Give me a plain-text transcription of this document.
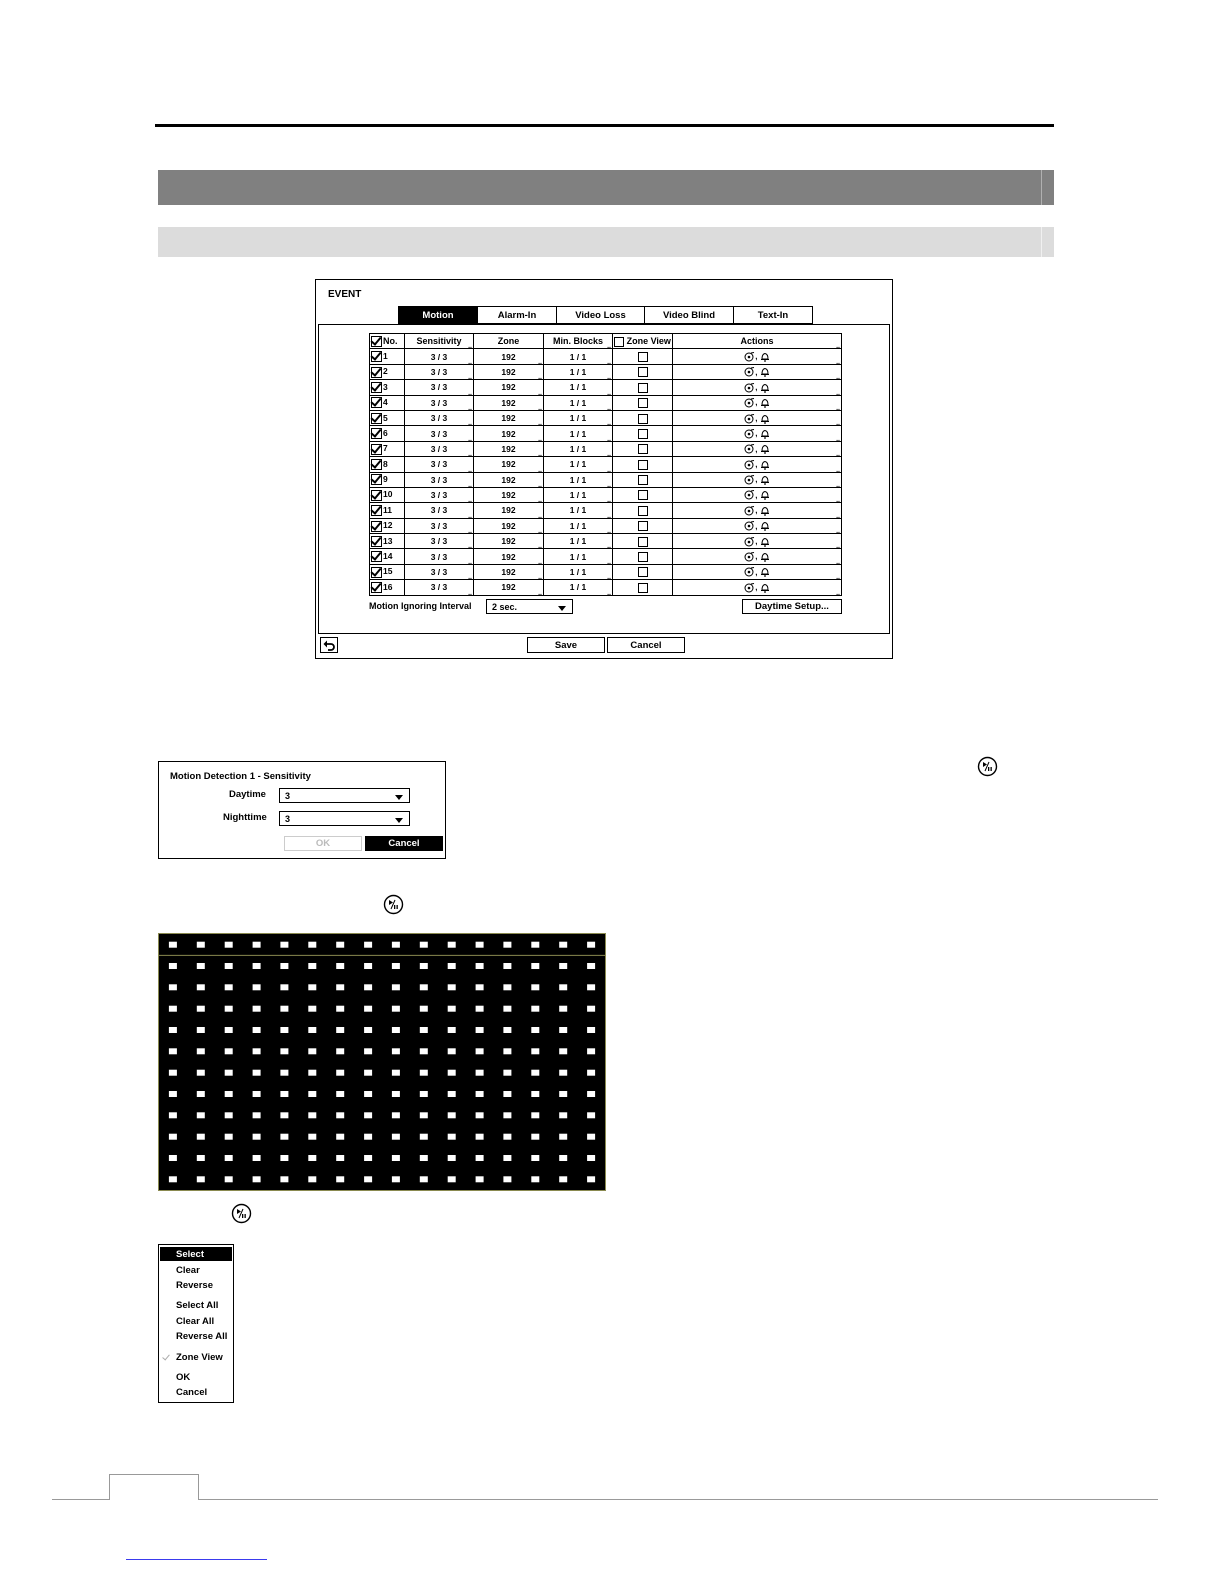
EVENT
Motion	Alarm-In	Video Loss	Video Blind	Text-In
No.	Sensitivity ..	Zone	Min. Blocks ..	Zone View	Actions ..
1	3 / 3 ..	192 ..	1 / 1 ..		,  ..
2	3 / 3 ..	192 ..	1 / 1 ..		,  ..
3	3 / 3 ..	192 ..	1 / 1 ..		,  ..
4	3 / 3 ..	192 ..	1 / 1 ..		,  ..
5	3 / 3 ..	192 ..	1 / 1 ..		,  ..
6	3 / 3 ..	192 ..	1 / 1 ..		,  ..
7	3 / 3 ..	192 ..	1 / 1 ..		,  ..
8	3 / 3 ..	192 ..	1 / 1 ..		,  ..
9	3 / 3 ..	192 ..	1 / 1 ..		,  ..
10	3 / 3 ..	192 ..	1 / 1 ..		,  ..
11	3 / 3 ..	192 ..	1 / 1 ..		,  ..
12	3 / 3 ..	192 ..	1 / 1 ..		,  ..
13	3 / 3 ..	192 ..	1 / 1 ..		,  ..
14	3 / 3 ..	192 ..	1 / 1 ..		,  ..
15	3 / 3 ..	192 ..	1 / 1 ..		,  ..
16	3 / 3 ..	192 ..	1 / 1 ..		,  ..
Motion Ignoring Interval 2 sec.	Daytime Setup...
Save	Cancel
Motion Detection 1 - Sensitivity
Daytime 3
Nighttime 3
OK	Cancel
Select
Clear
Reverse
Select All
Clear All
Reverse All
Zone View
OK
Cancel
